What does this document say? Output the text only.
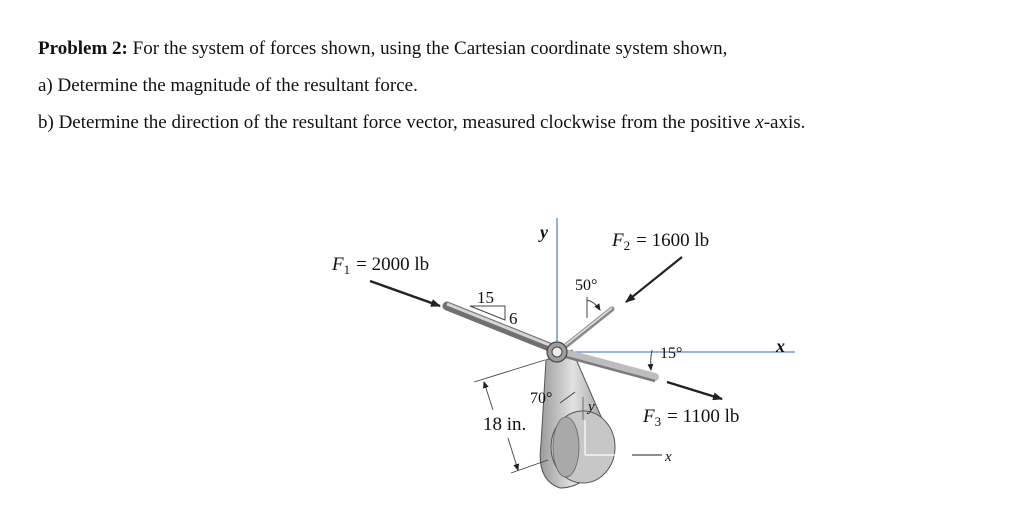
Problem 2: For the system of forces shown, using the Cartesian coordinate system shown,

a) Determine the magnitude of the resultant force.

b) Determine the direction of the resultant force vector, measured clockwise from the positive x-axis.

x
y
$F_1 = 2000$ lb
15
6
y	$F_2 = 1600$ lb
50°
15°	x
$F_3 = 1100$ lb
70°
18 in.
